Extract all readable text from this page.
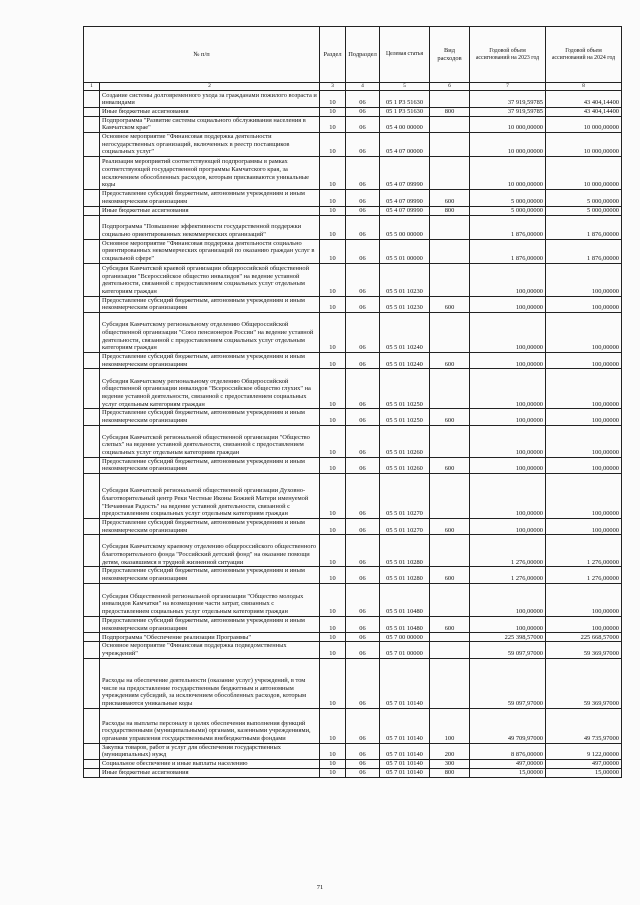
№ п/п		Раздел	Подраздел	Целевая статья	Вид расходов	Годовой объем ассигнований на 2023 год	Годовой объем ассигнований на 2024 год
1	2	3	4	5	6	7	8
	Создание системы долговременного ухода за гражданами пожилого возраста и инвалидами	10	06	05 1 P3 51630		37 919,59785	43 404,14400
	Иные бюджетные ассигнования	10	06	05 1 P3 51630	800	37 919,59785	43 404,14400
	Подпрограмма "Развитие системы социального обслуживания населения в Камчатском крае"	10	06	05 4 00 00000		10 000,00000	10 000,00000
	Основное мероприятие "Финансовая поддержка деятельности негосударственных организаций, включенных в реестр поставщиков социальных услуг"	10	06	05 4 07 00000		10 000,00000	10 000,00000
	Реализация мероприятий соответствующей подпрограммы в рамках соответствующей государственной программы Камчатского края, за исключением обособленных расходов, которым присваиваются уникальные коды	10	06	05 4 07 09990		10 000,00000	10 000,00000
	Предоставление субсидий бюджетным, автономным учреждениям и иным некоммерческим организациям	10	06	05 4 07 09990	600	5 000,00000	5 000,00000
	Иные бюджетные ассигнования	10	06	05 4 07 09990	800	5 000,00000	5 000,00000
	Подпрограмма "Повышение эффективности государственной поддержки социально ориентированных некоммерческих организаций"	10	06	05 5 00 00000		1 876,00000	1 876,00000
	Основное мероприятие "Финансовая поддержка деятельности социально ориентированных некоммерческих организаций по оказанию граждан услуг в социальной сфере"	10	06	05 5 01 00000		1 876,00000	1 876,00000
	Субсидия Камчатской краевой организации общероссийской общественной организации "Всероссийское общество инвалидов" на ведение уставной деятельности, связанной с предоставлением социальных услуг отдельным категориям граждан	10	06	05 5 01 10230		100,00000	100,00000
	Предоставление субсидий бюджетным, автономным учреждениям и иным некоммерческим организациям	10	06	05 5 01 10230	600	100,00000	100,00000
	Субсидия Камчатскому региональному отделению Общероссийской общественной организации "Союз пенсионеров России" на ведение уставной деятельности, связанной с предоставлением социальных услуг отдельным категориям граждан	10	06	05 5 01 10240		100,00000	100,00000
	Предоставление субсидий бюджетным, автономным учреждениям и иным некоммерческим организациям	10	06	05 5 01 10240	600	100,00000	100,00000
	Субсидия Камчатскому региональному отделению Общероссийской общественной организации инвалидов "Всероссийское общество глухих" на ведение уставной деятельности, связанной с предоставлением социальных услуг отдельным категориям граждан	10	06	05 5 01 10250		100,00000	100,00000
	Предоставление субсидий бюджетным, автономным учреждениям и иным некоммерческим организациям	10	06	05 5 01 10250	600	100,00000	100,00000
	Субсидия Камчатской региональной общественной организации "Общество слепых" на ведение уставной деятельности, связанной с предоставлением социальных услуг отдельным категориям граждан	10	06	05 5 01 10260		100,00000	100,00000
	Предоставление субсидий бюджетным, автономным учреждениям и иным некоммерческим организациям	10	06	05 5 01 10260	600	100,00000	100,00000
	Субсидия Камчатской региональной общественной организации Духовно-благотворительный центр Реки Честные Иконы Божией Матери именуемой "Нечаянная Радость" на ведение уставной деятельности, связанной с предоставлением социальных услуг отдельным категориям граждан	10	06	05 5 01 10270		100,00000	100,00000
	Предоставление субсидий бюджетным, автономным учреждениям и иным некоммерческим организациям	10	06	05 5 01 10270	600	100,00000	100,00000
	Субсидия Камчатскому краевому отделению общероссийского общественного благотворительного фонда "Российский детский фонд" на оказание помощи детям, оказавшимся в трудной жизненной ситуации	10	06	05 5 01 10280		1 276,00000	1 276,00000
	Предоставление субсидий бюджетным, автономным учреждениям и иным некоммерческим организациям	10	06	05 5 01 10280	600	1 276,00000	1 276,00000
	Субсидия Общественной региональной организации "Общество молодых инвалидов Камчатки" на возмещение части затрат, связанных с предоставлением социальных услуг отдельным категориям граждан	10	06	05 5 01 10480		100,00000	100,00000
	Предоставление субсидий бюджетным, автономным учреждениям и иным некоммерческим организациям	10	06	05 5 01 10480	600	100,00000	100,00000
	Подпрограмма "Обеспечение реализации Программы"	10	06	05 7 00 00000		225 398,57000	225 668,57000
	Основное мероприятие "Финансовая поддержка подведомственных учреждений"	10	06	05 7 01 00000		59 097,97000	59 369,97000
	Расходы на обеспечение деятельности (оказание услуг) учреждений, в том числе на предоставление государственным бюджетным и автономным учреждениям субсидий, за исключением обособленных расходов, которым присваиваются уникальные коды	10	06	05 7 01 10140		59 097,97000	59 369,97000
	Расходы на выплаты персоналу в целях обеспечения выполнения функций государственными (муниципальными) органами, казенными учреждениями, органами управления государственными внебюджетными фондами	10	06	05 7 01 10140	100	49 709,97000	49 735,97000
	Закупка товаров, работ и услуг для обеспечения государственных (муниципальных) нужд	10	06	05 7 01 10140	200	8 876,00000	9 122,00000
	Социальное обеспечение и иные выплаты населению	10	06	05 7 01 10140	300	497,00000	497,00000
	Иные бюджетные ассигнования	10	06	05 7 01 10140	800	15,00000	15,00000
71
